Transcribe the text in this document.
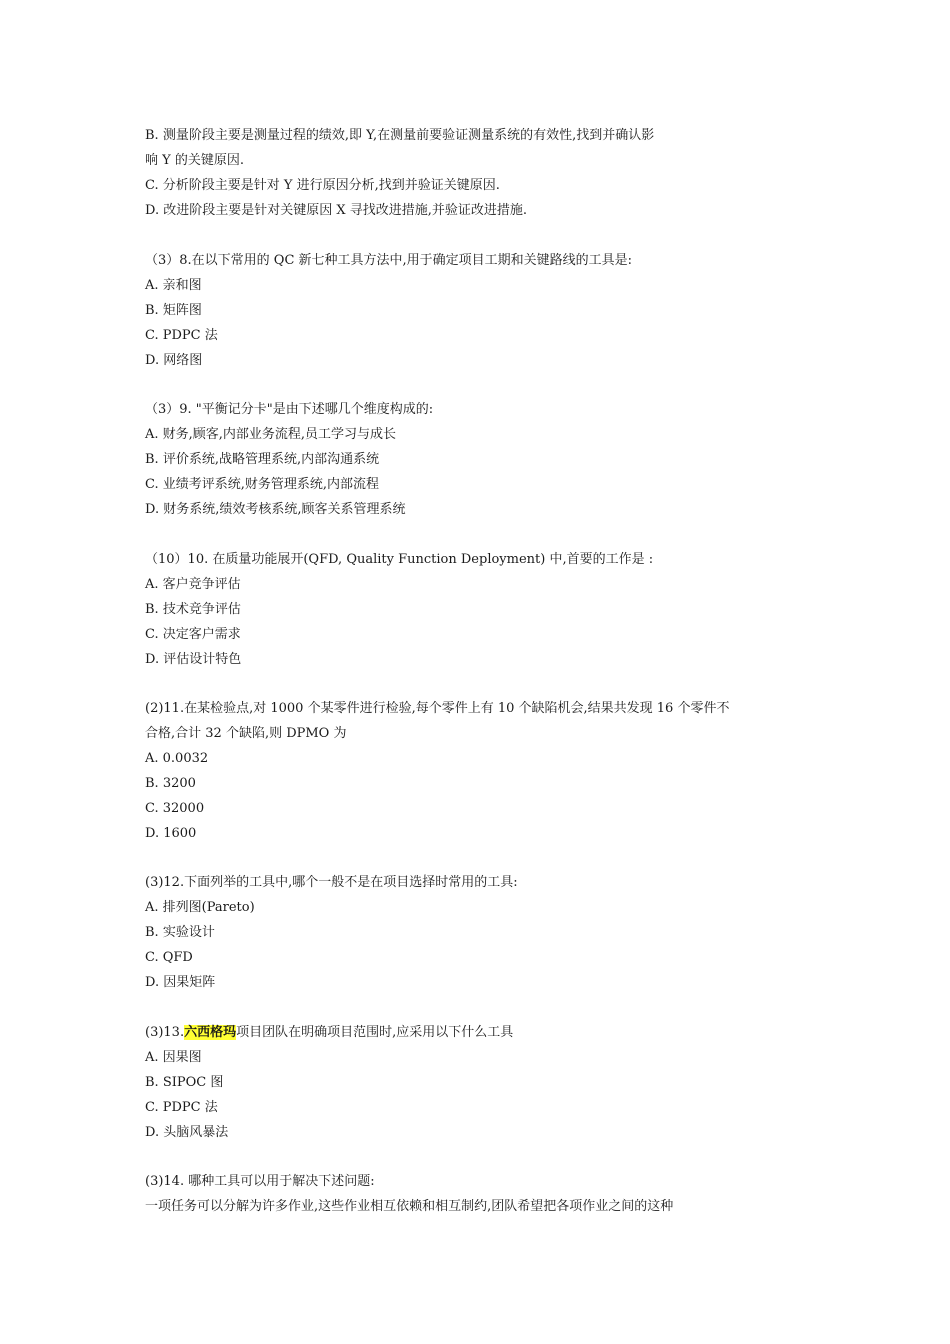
B. 测量阶段主要是测量过程的绩效,即 Y,在测量前要验证测量系统的有效性,找到并确认影
响 Y 的关键原因.
C. 分析阶段主要是针对 Y 进行原因分析,找到并验证关键原因.
D. 改进阶段主要是针对关键原因 X 寻找改进措施,并验证改进措施.
（3）8.在以下常用的 QC 新七种工具方法中,用于确定项目工期和关键路线的工具是:
A. 亲和图
B. 矩阵图
C. PDPC 法
D. 网络图
（3）9. "平衡记分卡"是由下述哪几个维度构成的:
A. 财务,顾客,内部业务流程,员工学习与成长
B. 评价系统,战略管理系统,内部沟通系统
C. 业绩考评系统,财务管理系统,内部流程
D. 财务系统,绩效考核系统,顾客关系管理系统
（10）10. 在质量功能展开(QFD, Quality Function Deployment) 中,首要的工作是 :
A. 客户竞争评估
B. 技术竞争评估
C. 决定客户需求
D. 评估设计特色
(2)11.在某检验点,对 1000 个某零件进行检验,每个零件上有 10 个缺陷机会,结果共发现 16 个零件不
合格,合计 32 个缺陷,则 DPMO 为
A. 0.0032
B. 3200
C. 32000
D. 1600
(3)12.下面列举的工具中,哪个一般不是在项目选择时常用的工具:
A. 排列图(Pareto)
B. 实验设计
C. QFD
D. 因果矩阵
(3)13.六西格玛项目团队在明确项目范围时,应采用以下什么工具
A. 因果图
B. SIPOC 图
C. PDPC 法
D. 头脑风暴法
(3)14. 哪种工具可以用于解决下述问题:
一项任务可以分解为许多作业,这些作业相互依赖和相互制约,团队希望把各项作业之间的这种
